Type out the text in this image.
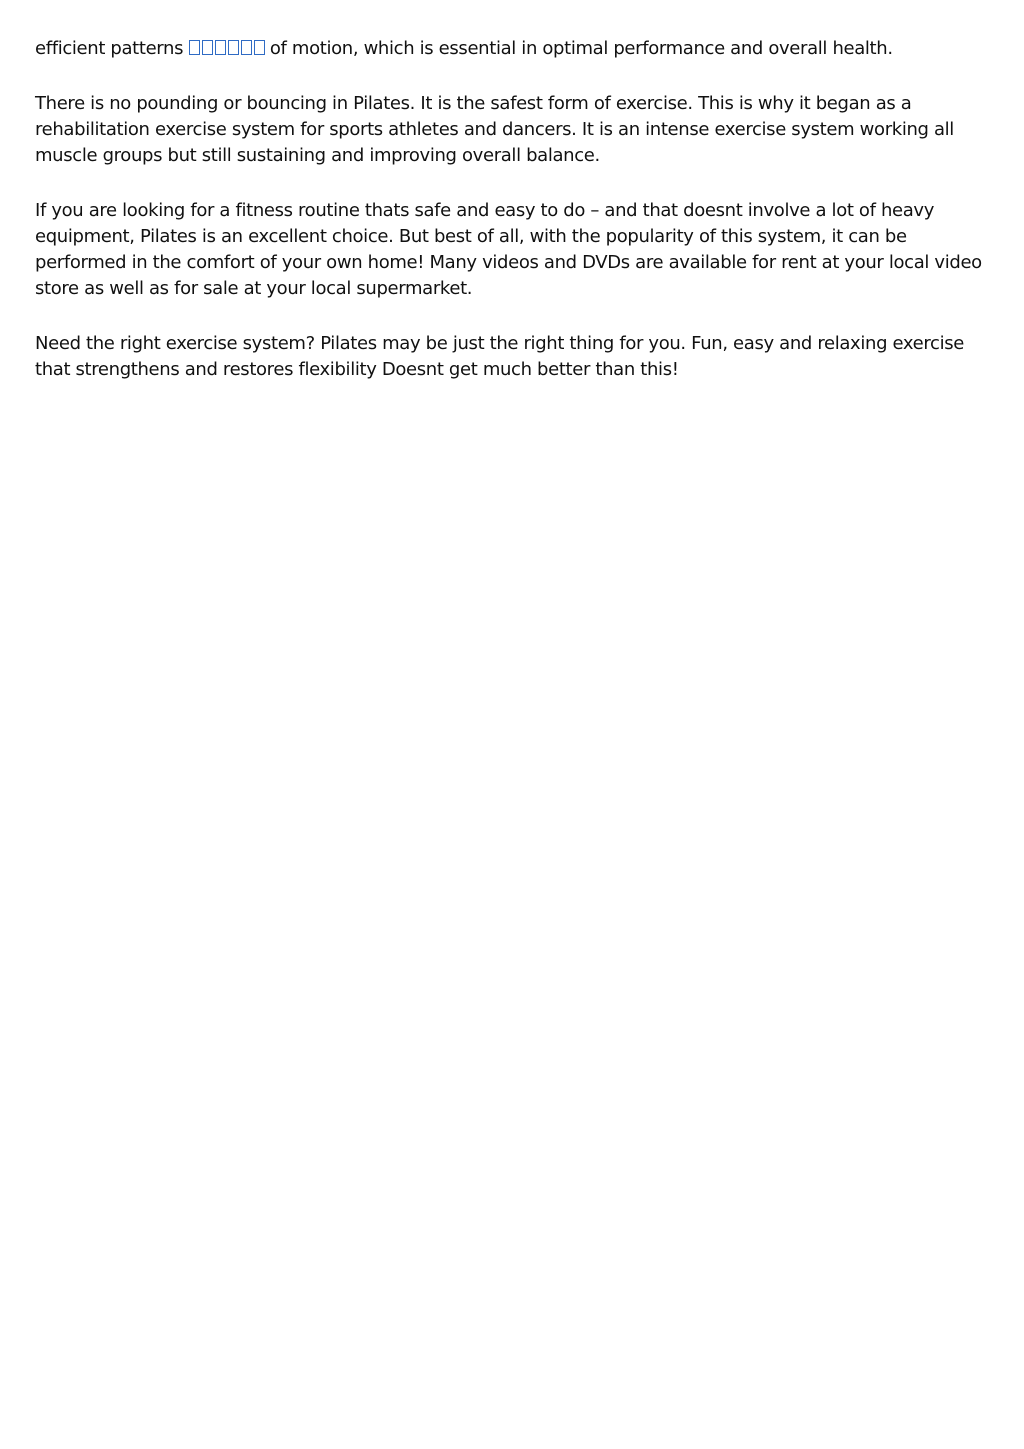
efficient patterns	of motion, which is essential in optimal performance and overall health.

There is no pounding or bouncing in Pilates. It is the safest form of exercise. This is why it began as a rehabilitation exercise system for sports athletes and dancers. It is an intense exercise system working all muscle groups but still sustaining and improving overall balance.

If you are looking for a fitness routine thats safe and easy to do – and that doesnt involve a lot of heavy equipment, Pilates is an excellent choice. But best of all, with the popularity of this system, it can be performed in the comfort of your own home! Many videos and DVDs are available for rent at your local video store as well as for sale at your local supermarket.

Need the right exercise system? Pilates may be just the right thing for you. Fun, easy and relaxing exercise that strengthens and restores flexibility Doesnt get much better than this!
